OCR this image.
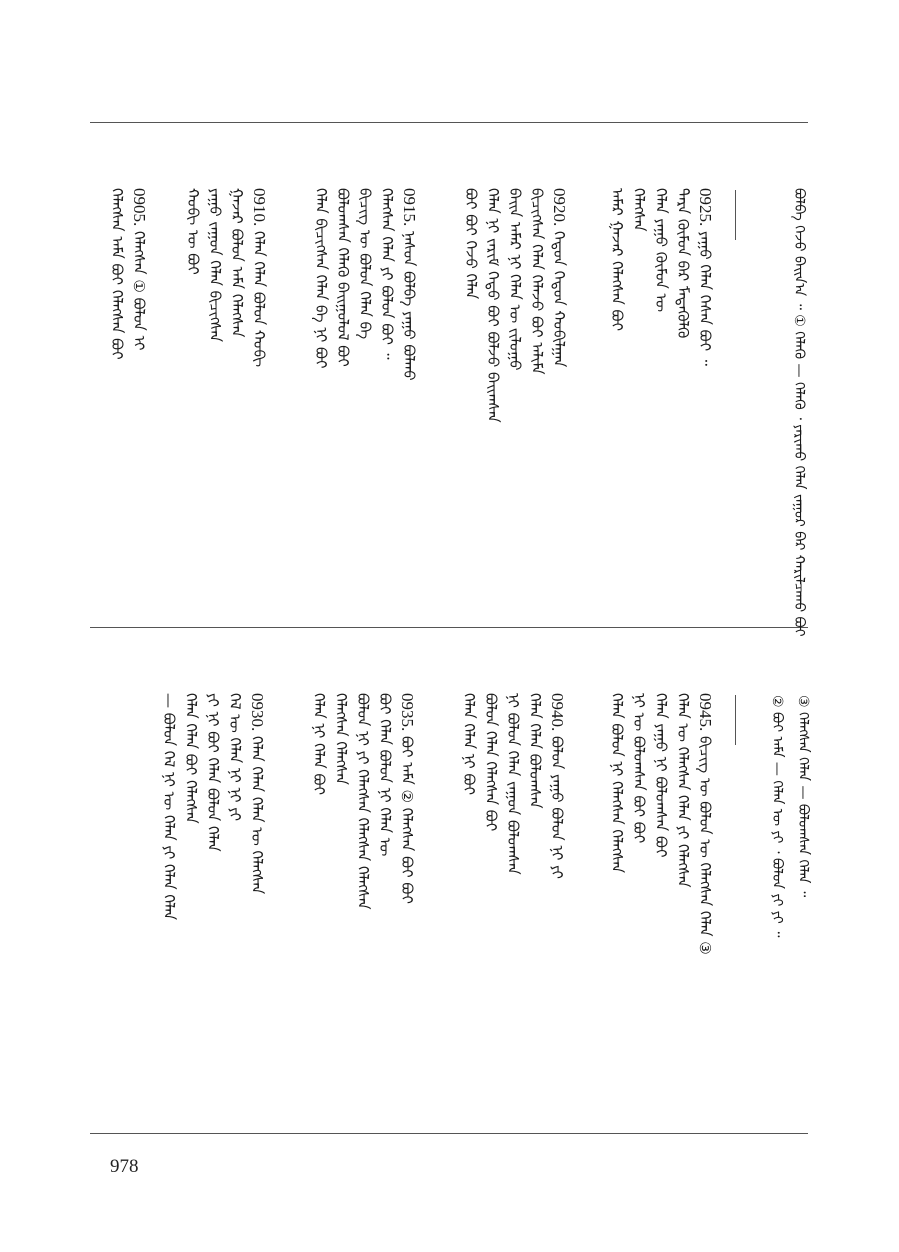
ᠪᠣᠯᠪᠠ ᠭᠡᠵᠦ ᠪᠠᠢᠨ᠎ᠠ ᠃ ① ᠬᠡᠯᠡᠬᠦ — ᠬᠡᠯᠡᠬᠦ ᠂ ᠶᠠᠷᠢᠬᠤ ᠬᠡᠯᠡᠨ ᠵᠠᠭᠤᠷ ᠪᠡᠷ ᠬᠠᠷᠢᠯᠴᠠᠬᠤ ᠪᠤᠢ
0925. ᠶᠠᠭᠤ ᠬᠡᠯᠡᠨ ᠭᠡᠰᠡᠨ ᠪᠤᠢ ᠃
ᠲᠡᠷᠡ ᠬᠦᠮᠦᠨ ᠪᠠᠷ ᠮᠡᠳᠡᠭᠦᠯᠬᠦ
ᠬᠡᠯᠡᠨ ᠶᠠᠭᠤ ᠬᠦᠮᠦᠨ ᠦ
ᠬᠡᠯᠡᠭᠰᠡᠨ
ᠠᠮᠠᠷ ᠭᠠᠵᠠᠷ ᠬᠡᠯᠡᠭᠰᠡᠨ ᠪᠤᠢ
0920. ᠬᠡᠳᠦᠨ ᠬᠡᠳᠦᠨ ᠬᠤᠪᠢᠯᠭᠠᠨ
ᠪᠢᠴᠢᠭᠰᠡᠨ ᠬᠡᠯᠡᠨ ᠬᠡᠯᠡᠵᠦ ᠪᠤᠢ ᠠᠯᠢᠮᠠ
ᠪᠠᠢᠨ ᠠᠮᠠᠷ ᠨᠢ ᠬᠡᠯᠡᠨ ᠦ ᠵᠢᠯᠤᠭᠤ
ᠬᠡᠯᠡᠨ ᠨᠢ ᠵᠠᠷᠢᠮ ᠬᠡᠳᠦ ᠪᠤᠢ ᠪᠣᠯᠵᠤ ᠪᠠᠢᠭᠰᠠᠨ
ᠪᠤᠢ ᠪᠤᠢ ᠭᠡᠵᠦ ᠬᠡᠯᠡᠨ
0915. ᠨᠠᠰᠤᠨ ᠪᠣᠯᠪᠠ ᠶᠠᠭᠤ ᠪᠣᠯᠬᠤ
ᠬᠡᠯᠡᠭᠰᠡᠨ ᠬᠡᠯᠡᠨ ᠶᠢ ᠪᠣᠯᠤᠨ ᠪᠤᠢ ᠃
ᠪᠢᠴᠢᠭ ᠦ ᠪᠣᠯᠤᠨ ᠬᠡᠯᠡᠨ ᠪᠠ
ᠪᠣᠯᠤᠭᠰᠠᠨ ᠬᠡᠯᠡᠬᠦ ᠪᠠᠢᠭᠤᠯᠤᠯ ᠪᠤᠢ
ᠬᠡᠯᠡᠨ ᠪᠢᠴᠢᠭᠰᠡᠨ ᠬᠡᠯᠡᠨ ᠪᠡ ᠨᠢ ᠪᠤᠢ
0910. ᠬᠡᠯᠡᠨ ᠬᠡᠯᠡᠨ ᠪᠣᠯᠤᠨ ᠬᠤᠪᠢ
ᠭᠠᠵᠠᠷ ᠪᠣᠯᠤᠨ ᠠᠮᠠ ᠬᠡᠯᠡᠭᠰᠡᠨ
ᠶᠠᠭᠤ ᠵᠠᠭᠤᠨ ᠬᠡᠯᠡᠨ ᠪᠢᠴᠢᠭᠰᠡᠨ
ᠬᠤᠪᠢ ᠦ ᠪᠤᠢ
0905. ᠬᠡᠯᠡᠭᠰᠡᠨ ① ᠪᠣᠯᠤᠨ ᠢ
ᠬᠡᠯᠡᠭᠰᠡᠨ ᠠᠮᠠ ᠪᠤᠢ ᠬᠡᠯᠡᠭᠰᠡᠨ ᠪᠤᠢ
③ ᠬᠡᠯᠡᠭᠰᠡᠨ ᠬᠡᠯᠡᠨ — ᠪᠣᠯᠤᠭᠰᠠᠨ ᠬᠡᠯᠡᠨ ᠃
② ᠪᠤᠢ ᠠᠮᠠ — ᠬᠡᠯᠡᠨ ᠦ ᠶᠢ ᠂ ᠪᠣᠯᠤᠨ ᠶᠢ ᠶᠢ ᠃
0945. ᠪᠢᠴᠢᠭ ᠦ ᠪᠣᠯᠤᠨ ᠦ ᠬᠡᠯᠡᠭᠰᠡᠨ ᠬᠡᠯᠡᠨ ③
ᠬᠡᠯᠡᠨ ᠦ ᠬᠡᠯᠡᠭᠰᠡᠨ ᠬᠡᠯᠡᠨ ᠶᠢ ᠬᠡᠯᠡᠭᠰᠡᠨ
ᠬᠡᠯᠡᠨ ᠶᠠᠭᠤ ᠨᠢ ᠪᠣᠯᠤᠭᠰᠠᠨ ᠪᠤᠢ
ᠨᠢ ᠦ ᠪᠣᠯᠤᠭᠰᠠᠨ ᠪᠤᠢ ᠪᠤᠢ
ᠬᠡᠯᠡᠨ ᠪᠣᠯᠤᠨ ᠨᠢ ᠬᠡᠯᠡᠭᠰᠡᠨ ᠬᠡᠯᠡᠭᠰᠡᠨ
0940. ᠪᠣᠯᠤᠨ ᠶᠠᠭᠤ ᠪᠣᠯᠤᠨ ᠨᠢ ᠶᠢ
ᠬᠡᠯᠡᠨ ᠬᠡᠯᠡᠨ ᠪᠣᠯᠤᠭᠰᠠᠨ
ᠨᠢ ᠪᠣᠯᠤᠨ ᠬᠡᠯᠡᠨ ᠵᠠᠭᠤᠨ ᠪᠣᠯᠤᠭᠰᠠᠨ
ᠪᠣᠯᠤᠨ ᠬᠡᠯᠡᠨ ᠬᠡᠯᠡᠭᠰᠡᠨ ᠪᠤᠢ
ᠬᠡᠯᠡᠨ ᠬᠡᠯᠡᠨ ᠨᠢ ᠪᠤᠢ
0935. ᠪᠤᠢ ᠠᠮᠠ ② ᠬᠡᠯᠡᠭᠰᠡᠨ ᠪᠤᠢ ᠪᠤᠢ
ᠪᠤᠢ ᠬᠡᠯᠡᠨ ᠪᠣᠯᠤᠨ ᠨᠢ ᠬᠡᠯᠡᠨ ᠦ
ᠪᠣᠯᠤᠨ ᠨᠢ ᠶᠢ ᠬᠡᠯᠡᠭᠰᠡᠨ ᠬᠡᠯᠡᠭᠰᠡᠨ ᠬᠡᠯᠡᠭᠰᠡᠨ
ᠬᠡᠯᠡᠭᠰᠡᠨ ᠬᠡᠯᠡᠭᠰᠡᠨ
ᠬᠡᠯᠡᠨ ᠨᠢ ᠬᠡᠯᠡᠨ ᠪᠤᠢ
0930. ᠬᠡᠯᠡᠨ ᠬᠡᠯᠡᠨ ᠬᠡᠯᠡᠨ ᠦ ᠬᠡᠯᠡᠭᠰᠡᠨ
ᠬᠡᠯ ᠦ ᠬᠡᠯᠡᠨ ᠨᠢ ᠨᠢ ᠶᠢ
ᠶᠢ ᠨᠢ ᠪᠤᠢ ᠬᠡᠯᠡᠨ ᠪᠣᠯᠤᠨ ᠬᠡᠯᠡᠨ
ᠬᠡᠯᠡᠨ ᠬᠡᠯᠡᠨ ᠪᠤᠢ ᠬᠡᠯᠡᠭᠰᠡᠨ
— ᠪᠣᠯᠤᠨ ᠬᠡᠯ ᠨᠢ ᠦ ᠬᠡᠯᠡᠨ ᠶᠢ ᠬᠡᠯᠡᠨ ᠬᠡᠯᠡᠨ
978
